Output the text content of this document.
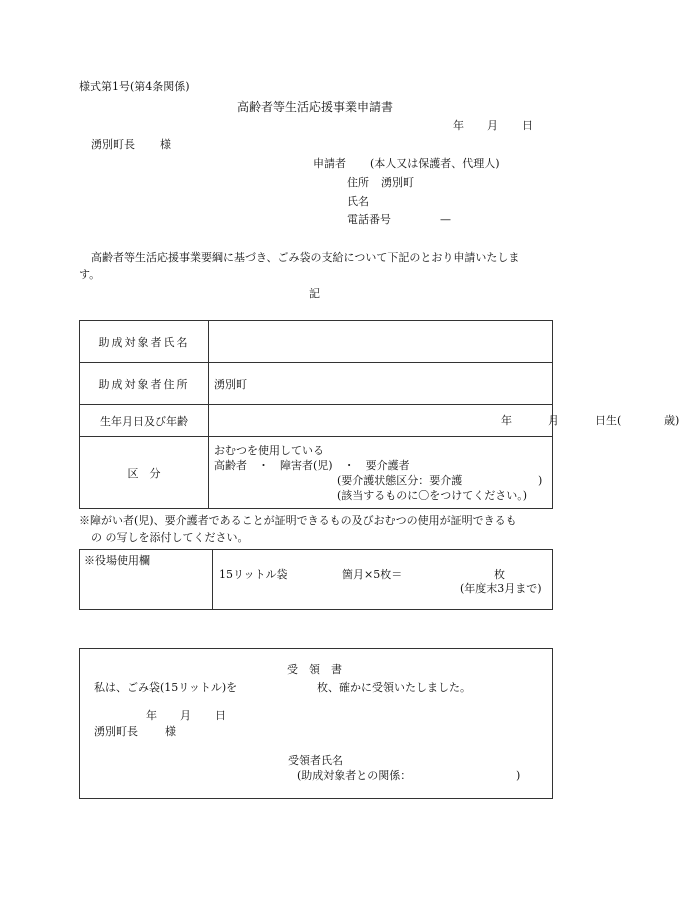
様式第1号(第4条関係)
高齢者等生活応援事業申請書
年 月 日
湧別町長 様
申請者 (本人又は保護者、代理人)
住所 湧別町
氏名
電話番号	—
高齢者等生活応援事業要綱に基づき、ごみ袋の支給について下記のとおり申請いたしま
す。
記
助成対象者氏名	
助成対象者住所	湧別町
生年月日及び年齢	年 月 日生( 歳)

区　分	おむつを使用している
高齢者　・　障害者(児)　・　要介護者
(要介護状態区分：要介護 )
(該当するものに〇をつけてください。)
※障がい者(児)、要介護者であることが証明できるもの及びおむつの使用が証明できるも
の の写しを添付してください。
※役場使用欄
15リットル袋	箇月×5枚＝	枚
(年度末3月まで)
受　領　書
私は、ごみ袋(15リットル)を	枚、確かに受領いたしました。
年 月 日
湧別町長 様
受領者氏名
(助成対象者との関係：	)
